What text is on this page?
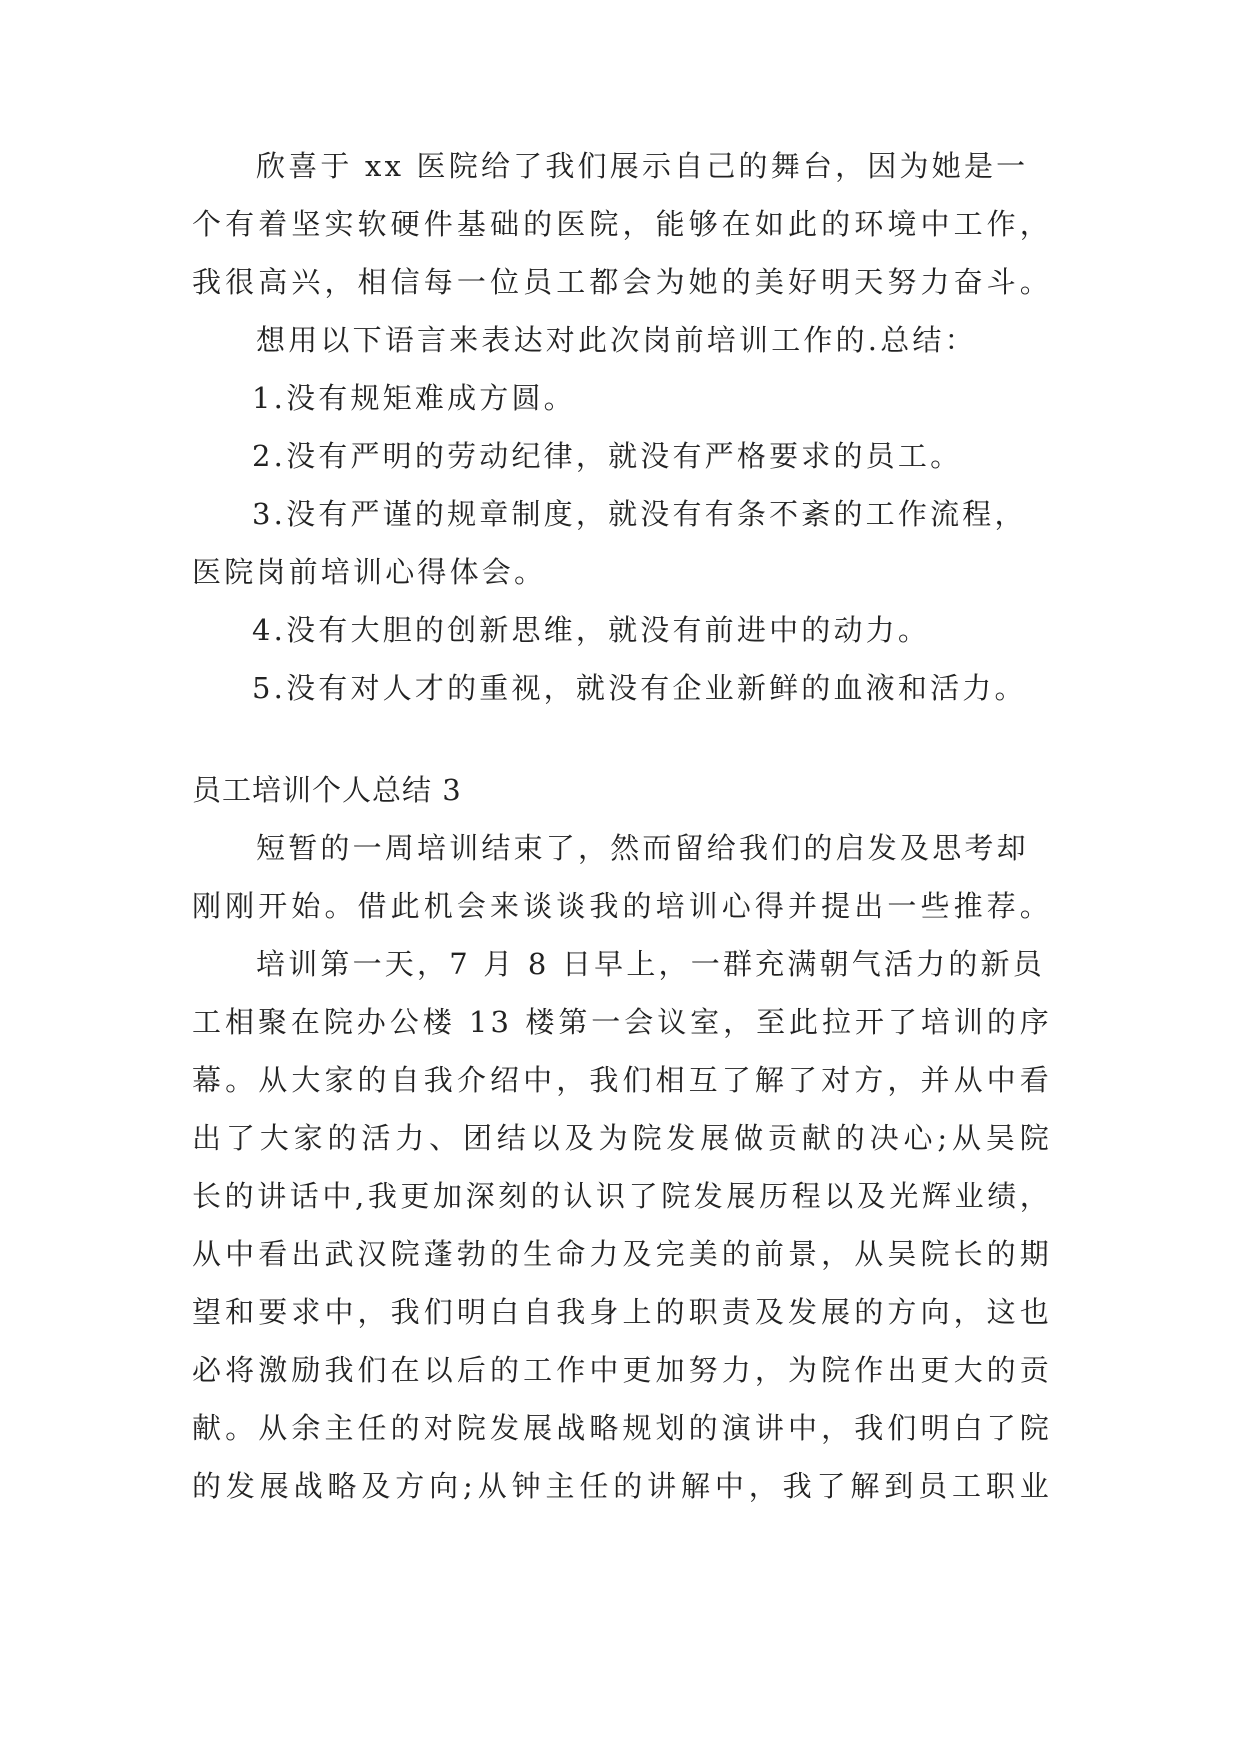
欣喜于 xx 医院给了我们展示自己的舞台，因为她是一
个有着坚实软硬件基础的医院，能够在如此的环境中工作，
我很高兴，相信每一位员工都会为她的美好明天努力奋斗。
想用以下语言来表达对此次岗前培训工作的.总结：
1.没有规矩难成方圆。
2.没有严明的劳动纪律，就没有严格要求的员工。
3.没有严谨的规章制度，就没有有条不紊的工作流程，
医院岗前培训心得体会。
4.没有大胆的创新思维，就没有前进中的动力。
5.没有对人才的重视，就没有企业新鲜的血液和活力。
员工培训个人总结 3
短暂的一周培训结束了，然而留给我们的启发及思考却
刚刚开始。借此机会来谈谈我的培训心得并提出一些推荐。
培训第一天，7 月 8 日早上，一群充满朝气活力的新员
工相聚在院办公楼 13 楼第一会议室，至此拉开了培训的序
幕。从大家的自我介绍中，我们相互了解了对方，并从中看
出了大家的活力、团结以及为院发展做贡献的决心;从吴院
长的讲话中,我更加深刻的认识了院发展历程以及光辉业绩，
从中看出武汉院蓬勃的生命力及完美的前景，从吴院长的期
望和要求中，我们明白自我身上的职责及发展的方向，这也
必将激励我们在以后的工作中更加努力，为院作出更大的贡
献。从余主任的对院发展战略规划的演讲中，我们明白了院
的发展战略及方向;从钟主任的讲解中，我了解到员工职业
